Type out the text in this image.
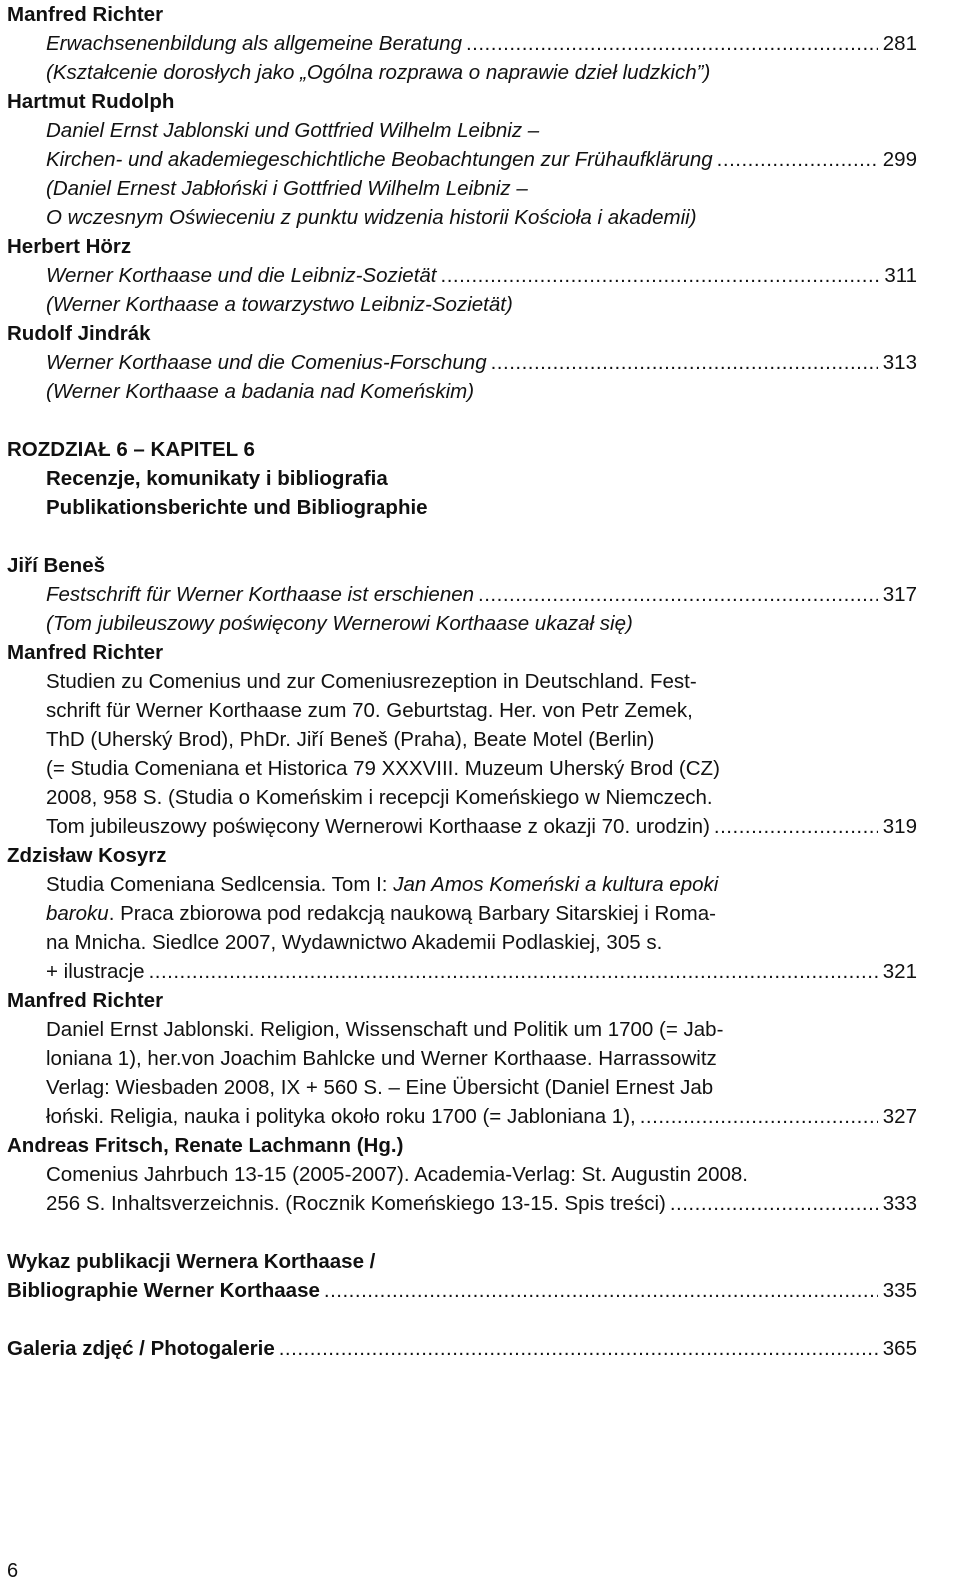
Manfred Richter
Erwachsenenbildung als allgemeine Beratung .....	281
(Kształcenie dorosłych jako „Ogólna rozprawa o naprawie dzieł ludzkich”)
Hartmut Rudolph
Daniel Ernst Jablonski und Gottfried Wilhelm Leibniz –
Kirchen- und akademiegeschichtliche Beobachtungen zur Frühaufklärung .....	299
(Daniel Ernest Jabłoński i Gottfried Wilhelm Leibniz –
O wczesnym Oświeceniu z punktu widzenia historii Kościoła i akademii)
Herbert Hörz
Werner Korthaase und die Leibniz-Sozietät .....	311
(Werner Korthaase a towarzystwo Leibniz-Sozietät)
Rudolf Jindrák
Werner Korthaase und die Comenius-Forschung .....	313
(Werner Korthaase a badania nad Komeńskim)
ROZDZIAŁ 6 – KAPITEL 6
Recenzje, komunikaty i bibliografia
Publikationsberichte und Bibliographie
Jiří Beneš
Festschrift für Werner Korthaase ist erschienen .....	317
(Tom jubileuszowy poświęcony Wernerowi Korthaase ukazał się)
Manfred Richter
Studien zu Comenius und zur Comeniusrezeption in Deutschland. Fest-
schrift für Werner Korthaase zum 70. Geburtstag. Her. von Petr Zemek,
ThD (Uherský Brod), PhDr. Jiří Beneš (Praha), Beate Motel (Berlin)
(= Studia Comeniana et Historica 79 XXXVIII. Muzeum Uherský Brod (CZ)
2008, 958 S. (Studia o Komeńskim i recepcji Komeńskiego w Niemczech.
Tom jubileuszowy poświęcony Wernerowi Korthaase z okazji 70. urodzin) .....	319
Zdzisław Kosyrz
Studia Comeniana Sedlcensia. Tom I: Jan Amos Komeński a kultura epoki
baroku. Praca zbiorowa pod redakcją naukową Barbary Sitarskiej i Roma-
na Mnicha. Siedlce 2007, Wydawnictwo Akademii Podlaskiej, 305 s.
+ ilustracje .....	321
Manfred Richter
Daniel Ernst Jablonski. Religion, Wissenschaft und Politik um 1700 (= Jab-
loniana 1), her.von Joachim Bahlcke und Werner Korthaase. Harrassowitz
Verlag: Wiesbaden 2008, IX + 560 S. – Eine Übersicht (Daniel Ernest Jab
łoński. Religia, nauka i polityka około roku 1700 (= Jabloniana 1), .....	327
Andreas Fritsch, Renate Lachmann (Hg.)
Comenius Jahrbuch 13-15 (2005-2007). Academia-Verlag: St. Augustin 2008.
256 S. Inhaltsverzeichnis. (Rocznik Komeńskiego 13-15. Spis treści) .....	333
Wykaz publikacji Wernera Korthaase /
Bibliographie Werner Korthaase .....	335
Galeria zdjęć / Photogalerie .....	365
6
